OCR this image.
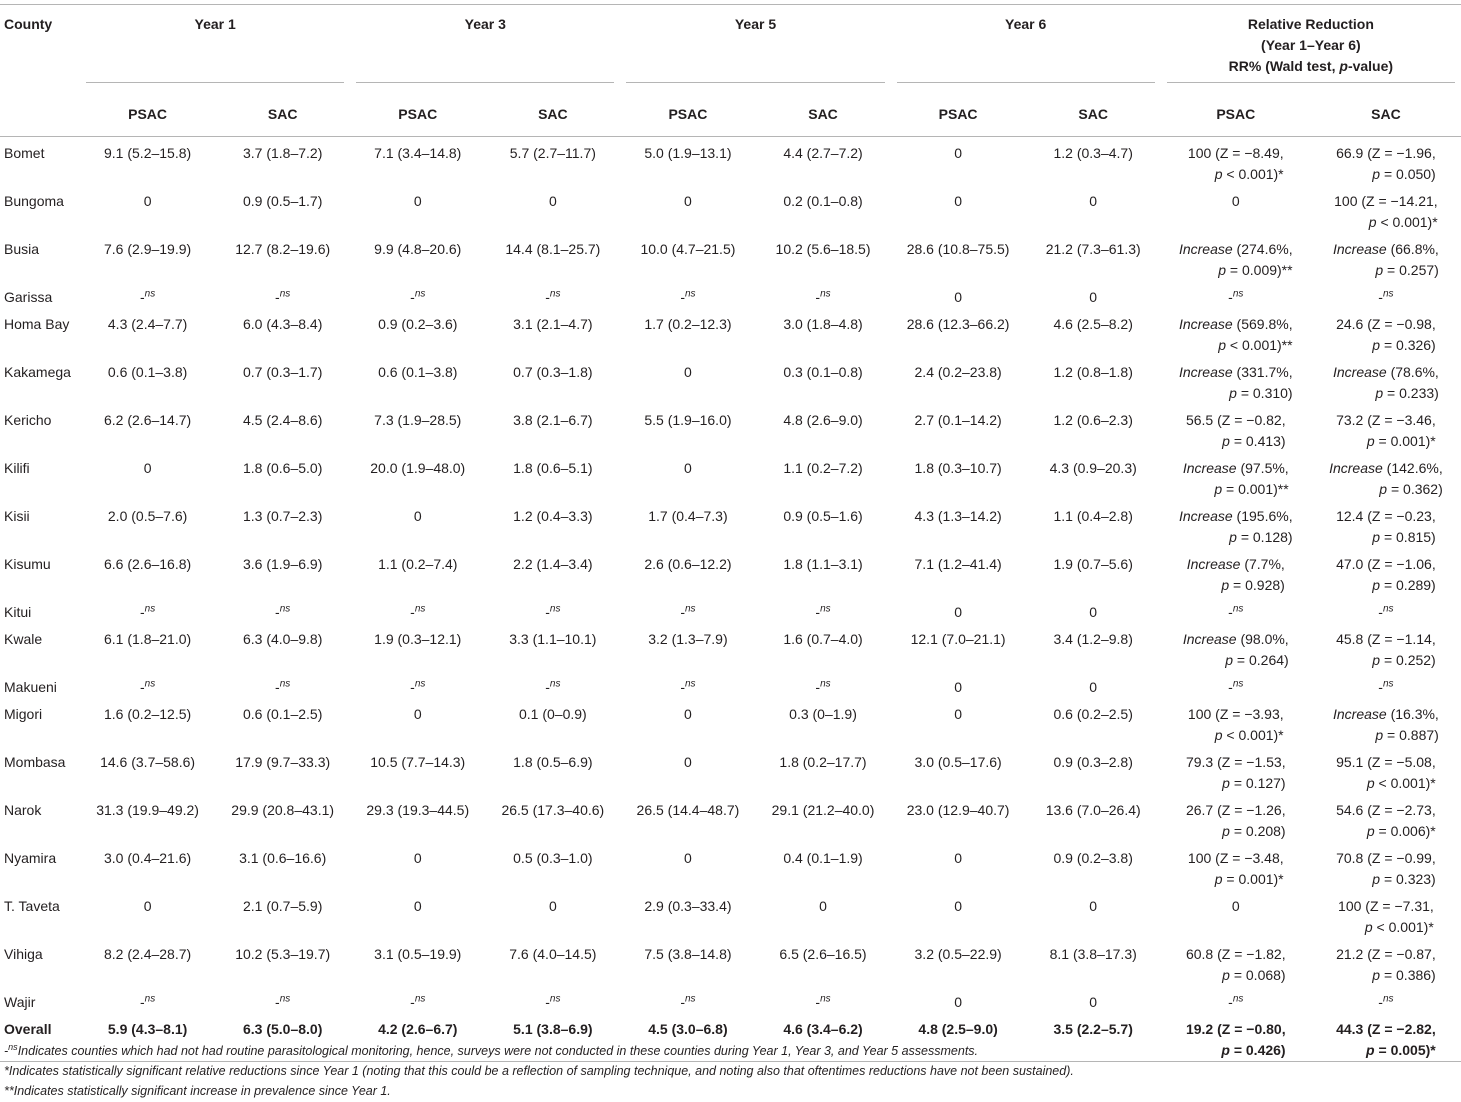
County	Year 1		Year 3		Year 5		Year 6		Relative Reduction
(Year 1–Year 6)
RR% (Wald test, p-value)	

	PSAC	SAC	PSAC	SAC	PSAC	SAC	PSAC	SAC	PSAC	SAC
Bomet	9.1 (5.2–15.8)	3.7 (1.8–7.2)	7.1 (3.4–14.8)	5.7 (2.7–11.7)	5.0 (1.9–13.1)	4.4 (2.7–7.2)	0	1.2 (0.3–4.7)	100 (Z = −8.49,
p < 0.001)*	66.9 (Z = −1.96,
p = 0.050)

Bungoma	0	0.9 (0.5–1.7)	0	0	0	0.2 (0.1–0.8)	0	0	0	100 (Z = −14.21,
p < 0.001)*

Busia	7.6 (2.9–19.9)	12.7 (8.2–19.6)	9.9 (4.8–20.6)	14.4 (8.1–25.7)	10.0 (4.7–21.5)	10.2 (5.6–18.5)	28.6 (10.8–75.5)	21.2 (7.3–61.3)	Increase (274.6%,
p = 0.009)**	Increase (66.8%,
p = 0.257)

Garissa	-$^{ns}$	-$^{ns}$	-$^{ns}$	-$^{ns}$	-$^{ns}$	-$^{ns}$	0	0	-$^{ns}$	-$^{ns}$
Homa Bay	4.3 (2.4–7.7)	6.0 (4.3–8.4)	0.9 (0.2–3.6)	3.1 (2.1–4.7)	1.7 (0.2–12.3)	3.0 (1.8–4.8)	28.6 (12.3–66.2)	4.6 (2.5–8.2)	Increase (569.8%,
p < 0.001)**	24.6 (Z = −0.98,
p = 0.326)

Kakamega	0.6 (0.1–3.8)	0.7 (0.3–1.7)	0.6 (0.1–3.8)	0.7 (0.3–1.8)	0	0.3 (0.1–0.8)	2.4 (0.2–23.8)	1.2 (0.8–1.8)	Increase (331.7%,
p = 0.310)	Increase (78.6%,
p = 0.233)

Kericho	6.2 (2.6–14.7)	4.5 (2.4–8.6)	7.3 (1.9–28.5)	3.8 (2.1–6.7)	5.5 (1.9–16.0)	4.8 (2.6–9.0)	2.7 (0.1–14.2)	1.2 (0.6–2.3)	56.5 (Z = −0.82,
p = 0.413)	73.2 (Z = −3.46,
p = 0.001)*

Kilifi	0	1.8 (0.6–5.0)	20.0 (1.9–48.0)	1.8 (0.6–5.1)	0	1.1 (0.2–7.2)	1.8 (0.3–10.7)	4.3 (0.9–20.3)	Increase (97.5%,
p = 0.001)**	Increase (142.6%,
p = 0.362)

Kisii	2.0 (0.5–7.6)	1.3 (0.7–2.3)	0	1.2 (0.4–3.3)	1.7 (0.4–7.3)	0.9 (0.5–1.6)	4.3 (1.3–14.2)	1.1 (0.4–2.8)	Increase (195.6%,
p = 0.128)	12.4 (Z = −0.23,
p = 0.815)

Kisumu	6.6 (2.6–16.8)	3.6 (1.9–6.9)	1.1 (0.2–7.4)	2.2 (1.4–3.4)	2.6 (0.6–12.2)	1.8 (1.1–3.1)	7.1 (1.2–41.4)	1.9 (0.7–5.6)	Increase (7.7%,
p = 0.928)	47.0 (Z = −1.06,
p = 0.289)

Kitui	-$^{ns}$	-$^{ns}$	-$^{ns}$	-$^{ns}$	-$^{ns}$	-$^{ns}$	0	0	-$^{ns}$	-$^{ns}$
Kwale	6.1 (1.8–21.0)	6.3 (4.0–9.8)	1.9 (0.3–12.1)	3.3 (1.1–10.1)	3.2 (1.3–7.9)	1.6 (0.7–4.0)	12.1 (7.0–21.1)	3.4 (1.2–9.8)	Increase (98.0%,
p = 0.264)	45.8 (Z = −1.14,
p = 0.252)

Makueni	-$^{ns}$	-$^{ns}$	-$^{ns}$	-$^{ns}$	-$^{ns}$	-$^{ns}$	0	0	-$^{ns}$	-$^{ns}$
Migori	1.6 (0.2–12.5)	0.6 (0.1–2.5)	0	0.1 (0–0.9)	0	0.3 (0–1.9)	0	0.6 (0.2–2.5)	100 (Z = −3.93,
p < 0.001)*	Increase (16.3%,
p = 0.887)

Mombasa	14.6 (3.7–58.6)	17.9 (9.7–33.3)	10.5 (7.7–14.3)	1.8 (0.5–6.9)	0	1.8 (0.2–17.7)	3.0 (0.5–17.6)	0.9 (0.3–2.8)	79.3 (Z = −1.53,
p = 0.127)	95.1 (Z = −5.08,
p < 0.001)*

Narok	31.3 (19.9–49.2)	29.9 (20.8–43.1)	29.3 (19.3–44.5)	26.5 (17.3–40.6)	26.5 (14.4–48.7)	29.1 (21.2–40.0)	23.0 (12.9–40.7)	13.6 (7.0–26.4)	26.7 (Z = −1.26,
p = 0.208)	54.6 (Z = −2.73,
p = 0.006)*

Nyamira	3.0 (0.4–21.6)	3.1 (0.6–16.6)	0	0.5 (0.3–1.0)	0	0.4 (0.1–1.9)	0	0.9 (0.2–3.8)	100 (Z = −3.48,
p = 0.001)*	70.8 (Z = −0.99,
p = 0.323)

T. Taveta	0	2.1 (0.7–5.9)	0	0	2.9 (0.3–33.4)	0	0	0	0	100 (Z = −7.31,
p < 0.001)*

Vihiga	8.2 (2.4–28.7)	10.2 (5.3–19.7)	3.1 (0.5–19.9)	7.6 (4.0–14.5)	7.5 (3.8–14.8)	6.5 (2.6–16.5)	3.2 (0.5–22.9)	8.1 (3.8–17.3)	60.8 (Z = −1.82,
p = 0.068)	21.2 (Z = −0.87,
p = 0.386)

Wajir	-$^{ns}$	-$^{ns}$	-$^{ns}$	-$^{ns}$	-$^{ns}$	-$^{ns}$	0	0	-$^{ns}$	-$^{ns}$
Overall	5.9 (4.3–8.1)	6.3 (5.0–8.0)	4.2 (2.6–6.7)	5.1 (3.8–6.9)	4.5 (3.0–6.8)	4.6 (3.4–6.2)	4.8 (2.5–9.0)	3.5 (2.2–5.7)	19.2 (Z = −0.80,
p = 0.426)	44.3 (Z = −2.82,
p = 0.005)*
-$^{ns}$Indicates counties which had not had routine parasitological monitoring, hence, surveys were not conducted in these counties during Year 1, Year 3, and Year 5 assessments.
*Indicates statistically significant relative reductions since Year 1 (noting that this could be a reflection of sampling technique, and noting also that oftentimes reductions have not been sustained).
**Indicates statistically significant increase in prevalence since Year 1.
